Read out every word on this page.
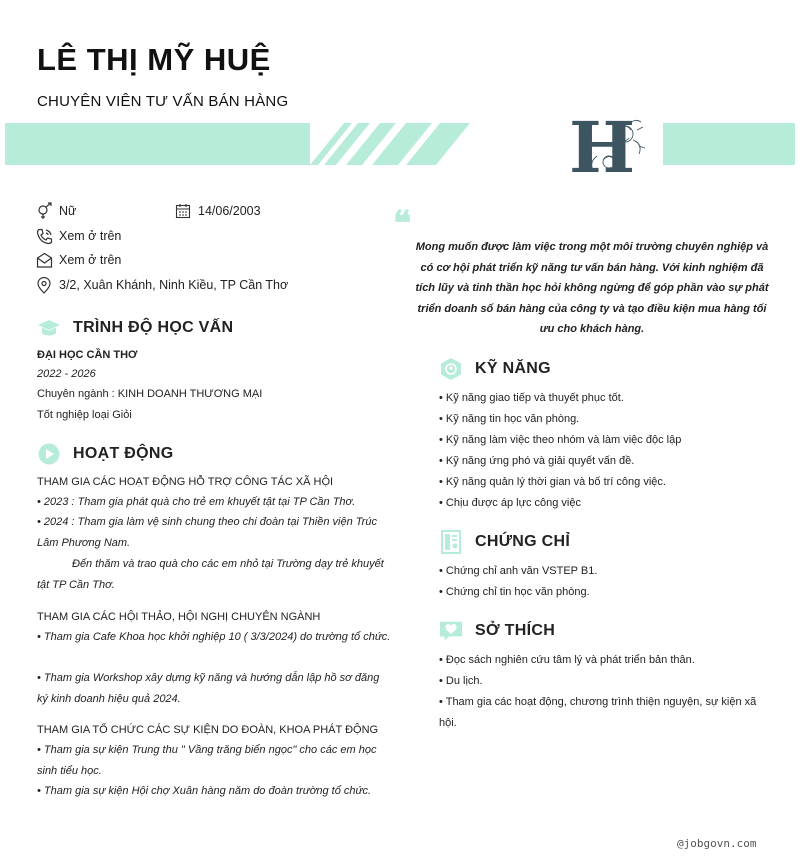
LÊ THỊ MỸ HUỆ
CHUYÊN VIÊN TƯ VẤN BÁN HÀNG
H
Nữ	14/06/2003
Xem ở trên
Xem ở trên
3/2, Xuân Khánh, Ninh Kiều, TP Cần Thơ
TRÌNH ĐỘ HỌC VẤN
ĐẠI HỌC CẦN THƠ
2022 - 2026
Chuyên ngành : KINH DOANH THƯƠNG MẠI
Tốt nghiệp loại Giỏi
HOẠT ĐỘNG
THAM GIA CÁC HOẠT ĐỘNG HỖ TRỢ CÔNG TÁC XÃ HỘI
• 2023 : Tham gia phát quà cho trẻ em khuyết tật tại TP Cần Thơ.
• 2024 : Tham gia làm vệ sinh chung theo chi đoàn tại Thiền viện Trúc Lâm Phương Nam.
Đến thăm và trao quà cho các em nhỏ tại Trường dạy trẻ khuyết tật TP Cần Thơ.
THAM GIA CÁC HỘI THẢO, HỘI NGHỊ CHUYÊN NGÀNH
• Tham gia Cafe Khoa học khởi nghiệp 10 ( 3/3/2024) do trường tổ chức.
• Tham gia Workshop xây dựng kỹ năng và hướng dẫn lập hồ sơ đăng ký kinh doanh hiệu quả 2024.
THAM GIA TỔ CHỨC CÁC SỰ KIỆN DO ĐOÀN, KHOA PHÁT ĐỘNG
• Tham gia sự kiện Trung thu " Vầng trăng biển ngọc" cho các em học sinh tiểu học.
• Tham gia sự kiện Hội chợ Xuân hàng năm do đoàn trường tổ chức.
❝
Mong muốn được làm việc trong một môi trường chuyên nghiệp và có cơ hội phát triển kỹ năng tư vấn bán hàng. Với kinh nghiệm đã tích lũy và tinh thần học hỏi không ngừng để góp phần vào sự phát triển doanh số bán hàng của công ty và tạo điều kiện mua hàng tối ưu cho khách hàng.
KỸ NĂNG
• Kỹ năng giao tiếp và thuyết phục tốt.
• Kỹ năng tin học văn phòng.
• Kỹ năng làm việc theo nhóm và làm việc độc lập
• Kỹ năng ứng phó và giải quyết vấn đề.
• Kỹ năng quản lý thời gian và bố trí công việc.
• Chịu được áp lực công việc
CHỨNG CHỈ
• Chứng chỉ anh văn VSTEP B1.
• Chứng chỉ tin học văn phòng.
SỞ THÍCH
• Đọc sách nghiên cứu tâm lý và phát triển bản thân.
• Du lịch.
• Tham gia các hoạt động, chương trình thiện nguyện, sự kiện xã hội.
@jobgovn.com
